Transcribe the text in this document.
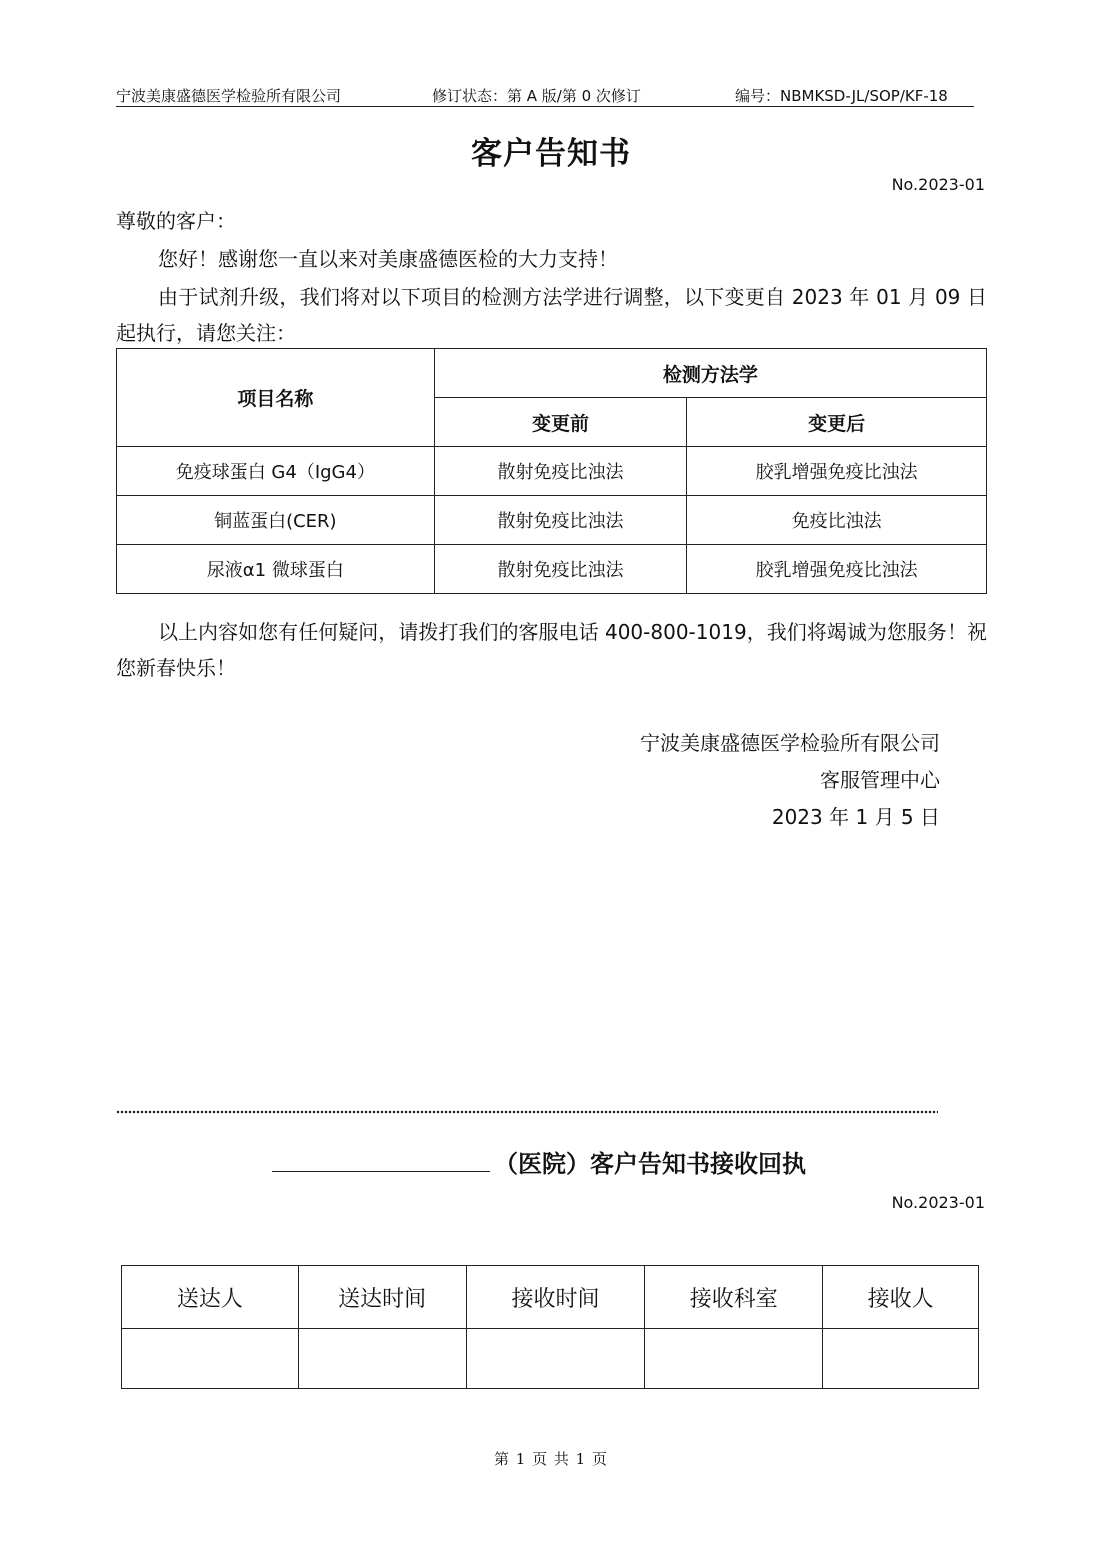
宁波美康盛德医学检验所有限公司	修订状态：第 A 版/第 0 次修订	编号：NBMKSD-JL/SOP/KF-18
客户告知书
No.2023-01
尊敬的客户：
您好！感谢您一直以来对美康盛德医检的大力支持！
由于试剂升级，我们将对以下项目的检测方法学进行调整，以下变更自 2023 年 01 月 09 日起执行，请您关注：
项目名称	检测方法学	
	变更前	变更后
免疫球蛋白 G4（IgG4）	散射免疫比浊法	胶乳增强免疫比浊法
铜蓝蛋白(CER)	散射免疫比浊法	免疫比浊法
尿液α1 微球蛋白	散射免疫比浊法	胶乳增强免疫比浊法
以上内容如您有任何疑问，请拨打我们的客服电话 400-800-1019，我们将竭诚为您服务！祝您新春快乐！
宁波美康盛德医学检验所有限公司
客服管理中心
2023 年 1 月 5 日
（医院）客户告知书接收回执
No.2023-01
送达人	送达时间	接收时间	接收科室	接收人

第 1 页 共 1 页
